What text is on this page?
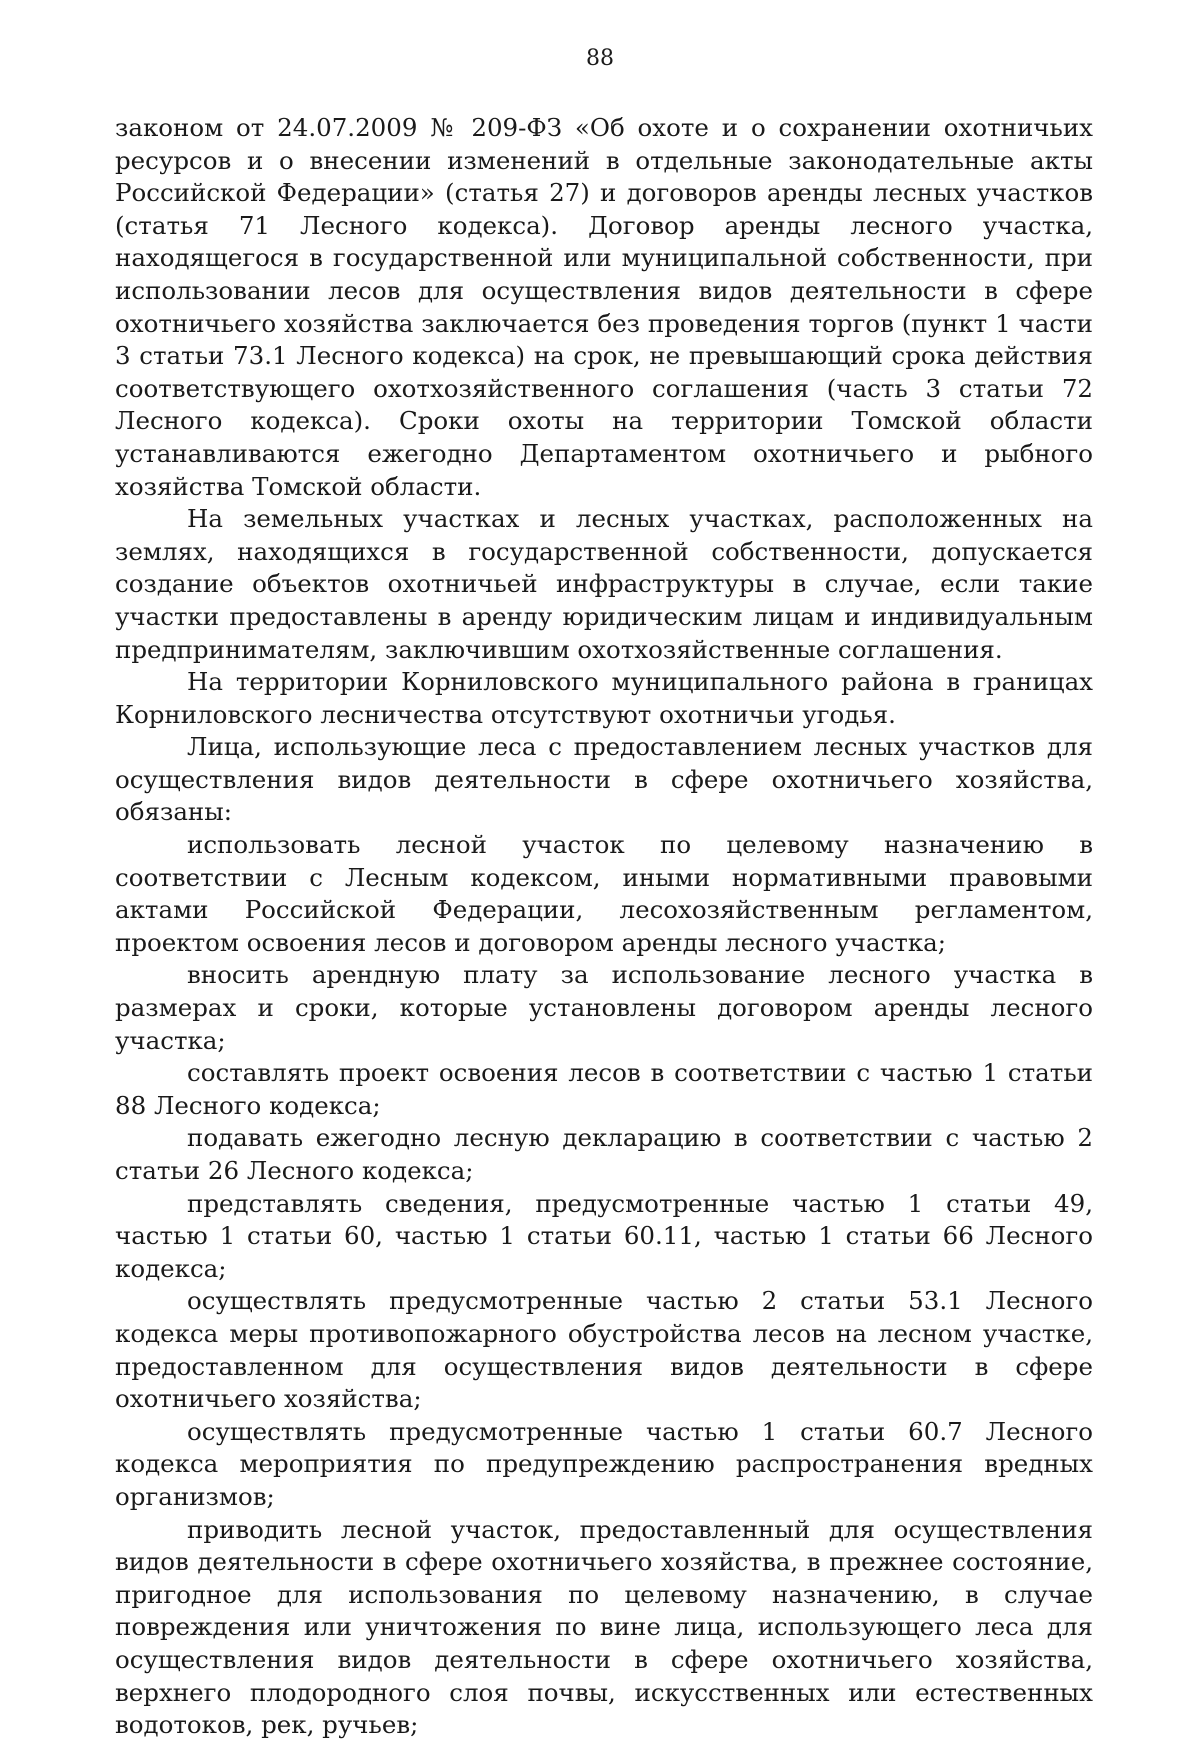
88

законом от 24.07.2009 № 209-ФЗ «Об охоте и о сохранении охотничьих ресурсов и о внесении изменений в отдельные законодательные акты Российской Федерации» (статья 27) и договоров аренды лесных участков (статья 71 Лесного кодекса). Договор аренды лесного участка, находящегося в государственной или муниципальной собственности, при использовании лесов для осуществления видов деятельности в сфере охотничьего хозяйства заключается без проведения торгов (пункт 1 части 3 статьи 73.1 Лесного кодекса) на срок, не превышающий срока действия соответствующего охотхозяйственного соглашения (часть 3 статьи 72 Лесного кодекса). Сроки охоты на территории Томской области устанавливаются ежегодно Департаментом охотничьего и рыбного хозяйства Томской области.

На земельных участках и лесных участках, расположенных на землях, находящихся в государственной собственности, допускается создание объектов охотничьей инфраструктуры в случае, если такие участки предоставлены в аренду юридическим лицам и индивидуальным предпринимателям, заключившим охотхозяйственные соглашения.

На территории Корниловского муниципального района в границах Корниловского лесничества отсутствуют охотничьи угодья.

Лица, использующие леса с предоставлением лесных участков для осуществления видов деятельности в сфере охотничьего хозяйства, обязаны:

использовать лесной участок по целевому назначению в соответствии с Лесным кодексом, иными нормативными правовыми актами Российской Федерации, лесохозяйственным регламентом, проектом освоения лесов и договором аренды лесного участка;

вносить арендную плату за использование лесного участка в размерах и сроки, которые установлены договором аренды лесного участка;

составлять проект освоения лесов в соответствии с частью 1 статьи 88 Лесного кодекса;

подавать ежегодно лесную декларацию в соответствии с частью 2 статьи 26 Лесного кодекса;

представлять сведения, предусмотренные частью 1 статьи 49, частью 1 статьи 60, частью 1 статьи 60.11, частью 1 статьи 66 Лесного кодекса;

осуществлять предусмотренные частью 2 статьи 53.1 Лесного кодекса меры противопожарного обустройства лесов на лесном участке, предоставленном для осуществления видов деятельности в сфере охотничьего хозяйства;

осуществлять предусмотренные частью 1 статьи 60.7 Лесного кодекса мероприятия по предупреждению распространения вредных организмов;

приводить лесной участок, предоставленный для осуществления видов деятельности в сфере охотничьего хозяйства, в прежнее состояние, пригодное для использования по целевому назначению, в случае повреждения или уничтожения по вине лица, использующего леса для осуществления видов деятельности в сфере охотничьего хозяйства, верхнего плодородного слоя почвы, искусственных или естественных водотоков, рек, ручьев;
